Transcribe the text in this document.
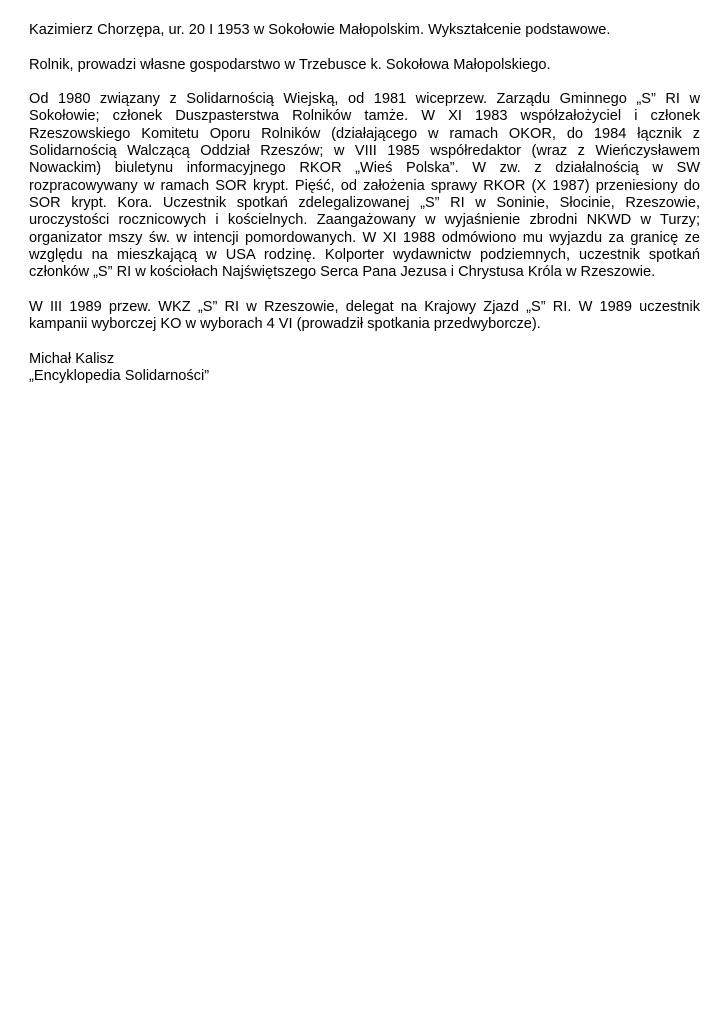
Kazimierz Chorzępa, ur. 20 I 1953 w Sokołowie Małopolskim. Wykształcenie podstawowe.

Rolnik, prowadzi własne gospodarstwo w Trzebusce k. Sokołowa Małopolskiego.

Od 1980 związany z Solidarnością Wiejską, od 1981 wiceprzew. Zarządu Gminnego „S” RI w Sokołowie; członek Duszpasterstwa Rolników tamże. W XI 1983 współzałożyciel i członek Rzeszowskiego Komitetu Oporu Rolników (działającego w ramach OKOR, do 1984 łącznik z Solidarnością Walczącą Oddział Rzeszów; w VIII 1985 współredaktor (wraz z Wieńczysławem Nowackim) biuletynu informacyjnego RKOR „Wieś Polska”. W zw. z działalnością w SW rozpracowywany w ramach SOR krypt. Pięść, od założenia sprawy RKOR (X 1987) przeniesiony do SOR krypt. Kora. Uczestnik spotkań zdelegalizowanej „S” RI w Soninie, Słocinie, Rzeszowie, uroczystości rocznicowych i kościelnych. Zaangażowany w wyjaśnienie zbrodni NKWD w Turzy; organizator mszy św. w intencji pomordowanych. W XI 1988 odmówiono mu wyjazdu za granicę ze względu na mieszkającą w USA rodzinę. Kolporter wydawnictw podziemnych, uczestnik spotkań członków „S” RI w kościołach Najświętszego Serca Pana Jezusa i Chrystusa Króla w Rzeszowie.

W III 1989 przew. WKZ „S” RI w Rzeszowie, delegat na Krajowy Zjazd „S” RI. W 1989 uczestnik kampanii wyborczej KO w wyborach 4 VI (prowadził spotkania przedwyborcze).

Michał Kalisz
„Encyklopedia Solidarności”
